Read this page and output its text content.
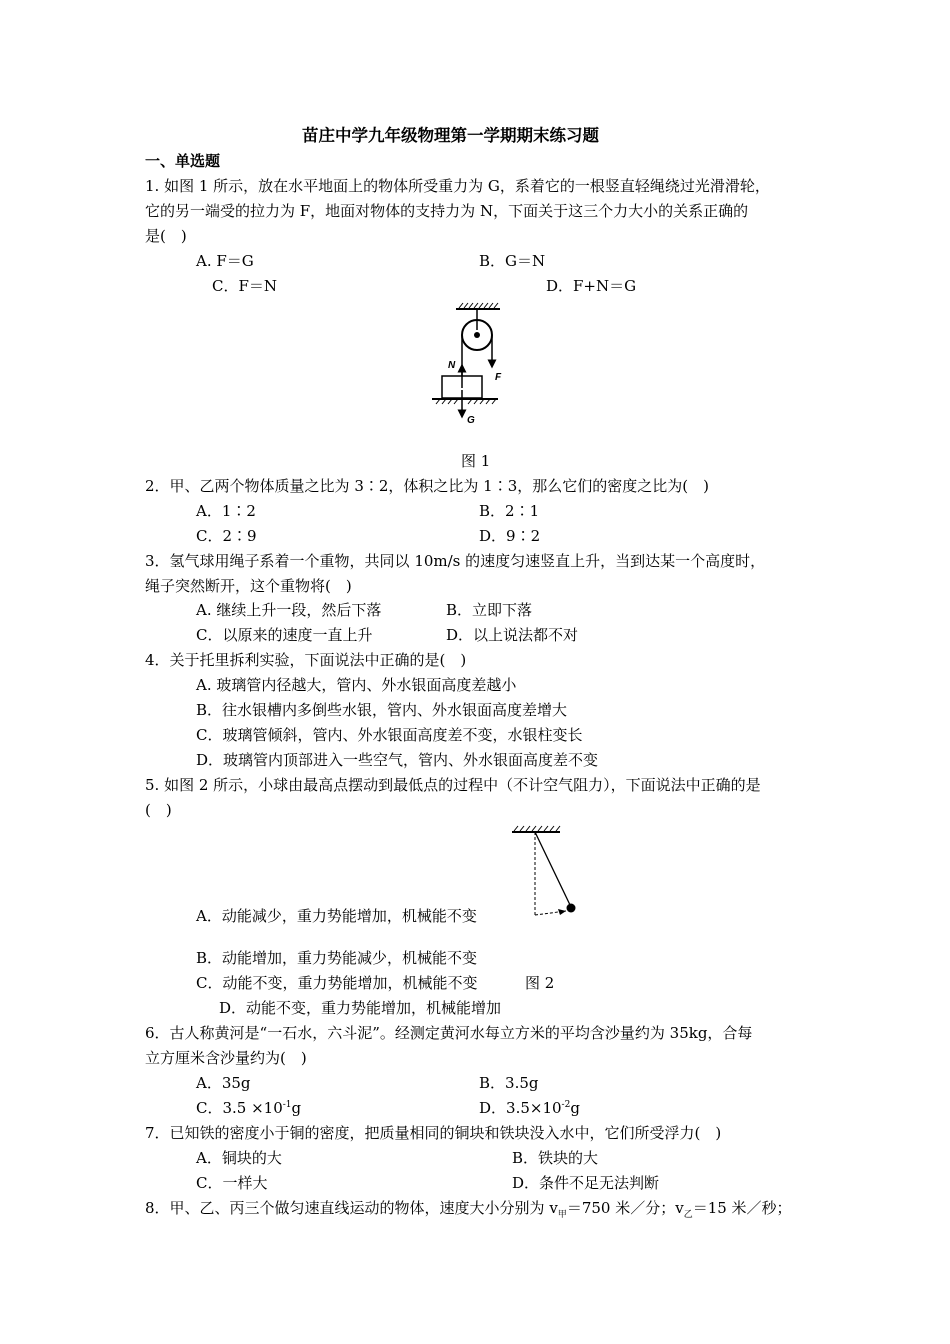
苗庄中学九年级物理第一学期期末练习题
一、单选题
1. 如图 1 所示，放在水平地面上的物体所受重力为 G，系着它的一根竖直轻绳绕过光滑滑轮，
它的另一端受的拉力为 F，地面对物体的支持力为 N，下面关于这三个力大小的关系正确的
是(　)
A. F＝G	B．G＝N
C．F＝N	D．F+N＝G
N
F
G
图 1
2．甲、乙两个物体质量之比为 3∶2，体积之比为 1∶3，那么它们的密度之比为(　)
A．1∶2	B．2∶1
C．2∶9	D．9∶2
3．氢气球用绳子系着一个重物，共同以 10m/s 的速度匀速竖直上升，当到达某一个高度时，
绳子突然断开，这个重物将(　)
A. 继续上升一段，然后下落	B．立即下落
C．以原来的速度一直上升	D．以上说法都不对
4．关于托里拆利实验，下面说法中正确的是(　)
A. 玻璃管内径越大，管内、外水银面高度差越小
B．往水银槽内多倒些水银，管内、外水银面高度差增大
C．玻璃管倾斜，管内、外水银面高度差不变，水银柱变长
D．玻璃管内顶部进入一些空气，管内、外水银面高度差不变
5. 如图 2 所示，小球由最高点摆动到最低点的过程中（不计空气阻力），下面说法中正确的是
(　)
A．动能减少，重力势能增加，机械能不变
B．动能增加，重力势能减少，机械能不变
C．动能不变，重力势能增加，机械能不变	图 2
D．动能不变，重力势能增加，机械能增加
6．古人称黄河是“一石水，六斗泥”。经测定黄河水每立方米的平均含沙量约为 35kg，合每
立方厘米含沙量约为(　)
A．35g	B．3.5g
C．$3.5 \times 10^{-1}g$	D．$3.5\times 10^{-2}g$
7．已知铁的密度小于铜的密度，把质量相同的铜块和铁块没入水中，它们所受浮力(　)
A．铜块的大	B．铁块的大
C．一样大	D．条件不足无法判断
8．甲、乙、丙三个做匀速直线运动的物体，速度大小分别为 $v_甲=750$ 米／分；$v_乙=15$ 米／秒；
